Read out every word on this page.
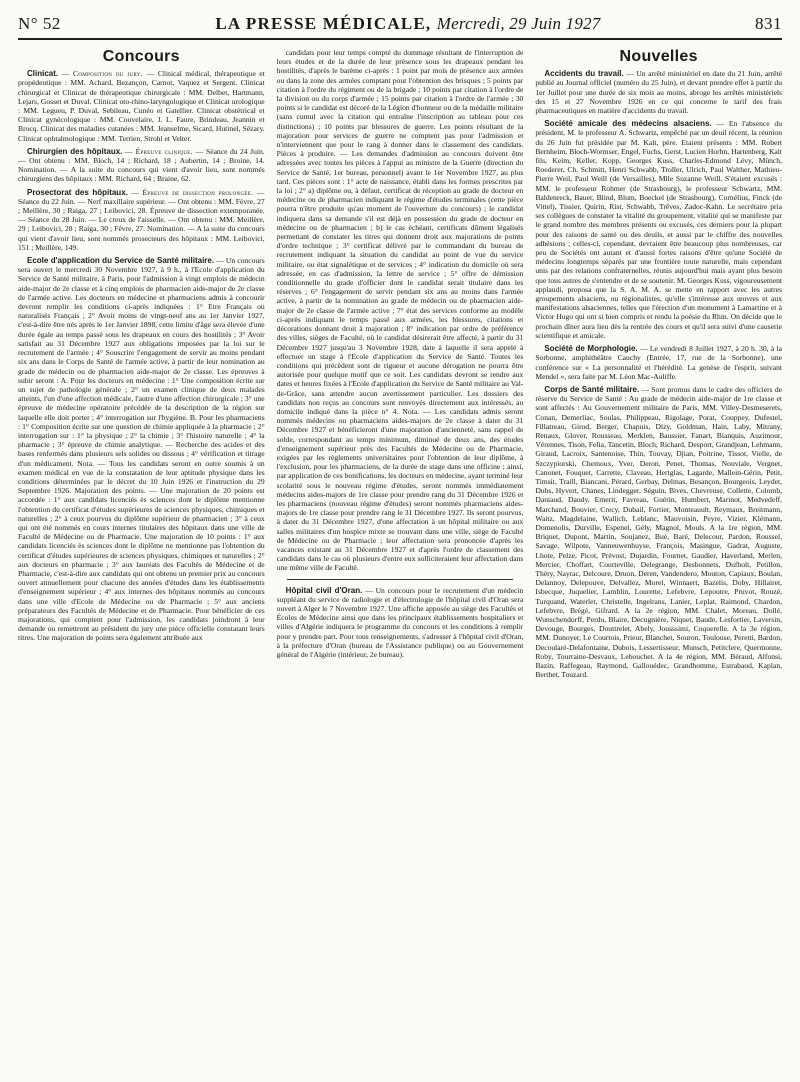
N° 52	LA PRESSE MÉDICALE, Mercredi, 29 Juin 1927	831
Concours

Clinicat. — Composition du jury. — Clinical médical, thérapeutique et propédeutique : MM. Achard, Bezançon, Carnot, Vaquez et Sergent. Clinicat chirurgical et Clinicat de thérapeutique chirurgicale : MM. Delbet, Hartmann, Lejars, Gosset et Duval. Clinicat oto-rhino-laryngologique et Clinicat urologique : MM. Legueu, P. Duval, Sebileau, Cunéo et Gatellier. Clinicat obstétrical et Clinicat gynécologique : MM. Couvelaire, J. L. Faure, Brindeau, Jeannin et Brocq. Clinicat des maladies cutanées : MM. Jeanselme, Sicard, Hutinel, Sézary. Clinicat ophtalmologique : MM. Terrien, Strohl et Velter.

Chirurgien des hôpitaux. — Épreuve clinique. — Séance du 24 Juin. — Ont obtenu : MM. Bloch, 14 ; Richard, 18 ; Aubertin, 14 ; Broine, 14. Nomination. — A la suite du concours qui vient d'avoir lieu, sont nommés chirurgiens des hôpitaux : MM. Richard, 64 ; Braine, 62.

Prosectorat des hôpitaux. — Épreuve de dissection prolongée. — Séance du 22 Juin. — Nerf maxillaire supérieur. — Ont obtenu : MM. Fèvre, 27 ; Meillère, 30 ; Raiga, 27 ; Leibovici, 28. Épreuve de dissection extemporanée. — Séance du 28 Juin. — Le creux de l'aisselle. — Ont obtenu : MM. Meillère, 29 ; Leibovici, 28 ; Raiga, 30 ; Fèvre, 27. Nomination. — A la suite du concours qui vient d'avoir lieu, sont nommés prosecteurs des hôpitaux : MM. Leibovici, 151 ; Meillère, 149.

Ecole d'application du Service de Santé militaire. — Un concours sera ouvert le mercredi 30 Novembre 1927, à 9 h., à l'Ecole d'application du Service de Santé militaire, à Paris, pour l'admission à vingt emplois de médecin aide-major de 2e classe et à cinq emplois de pharmacien aide-major de 2e classe de l'armée active. Les docteurs en médecine et pharmaciens admis à concourir devront remplir les conditions ci-après indiquées : 1° Etre Français ou naturalisés Français ; 2° Avoir moins de vingt-neuf ans au 1er Janvier 1927, c'est-à-dire être nés après le 1er Janvier 1898, cette limite d'âge sera élevée d'une durée égale au temps passé sous les drapeaux en cours des hostilités ; 3° Avoir satisfait au 31 Décembre 1927 aux obligations imposées par la loi sur le recrutement de l'armée ; 4° Souscrire l'engagement de servir au moins pendant six ans dans le Corps de Santé de l'armée active, à partir de leur nomination au grade de médecin ou de pharmacien aide-major de 2e classe. Les épreuves à subir seront : A. Pour les docteurs en médecine : 1° Une composition écrite sur un sujet de pathologie générale ; 2° un examen clinique de deux malades atteints, l'un d'une affection médicale, l'autre d'une affection chirurgicale ; 3° une épreuve de médecine opératoire précédée de la description de la région sur laquelle elle doit porter ; 4° interrogation sur l'hygiène. B. Pour les pharmaciens : 1° Composition écrite sur une question de chimie appliquée à la pharmacie ; 2° interrogation sur : 1° la physique ; 2° la chimie ; 3° l'histoire naturelle ; 4° la pharmacie ; 3° épreuve de chimie analytique. — Recherche des acides et des bases renfermés dans plusieurs sels solides ou dissous ; 4° vérification et titrage d'un médicament. Nota. — Tous les candidats seront en outre soumis à un examen médical en vue de la constatation de leur aptitude physique dans les conditions déterminées par le décret du 10 Juin 1926 et l'instruction du 29 Septembre 1926. Majoration des points. — Une majoration de 20 points est accordée : 1° aux candidats licenciés ès sciences dont le diplôme mentionne l'obtention du certificat d'études supérieures de sciences physiques, chimiques et naturelles ; 2° à ceux pourvus du diplôme supérieur de pharmacien ; 3° à ceux qui ont été nommés en cours internes titulaires des hôpitaux dans une ville de Faculté de Médecine ou de Pharmacie. Une majoration de 10 points : 1° aux candidats licenciés ès sciences dont le diplôme ne mentionne pas l'obtention du certificat d'études supérieures de sciences physiques, chimiques et naturelles ; 2° aux docteurs en pharmacie ; 3° aux lauréats des Facultés de Médecine et de Pharmacie, c'est-à-dire aux candidats qui ont obtenu un premier prix au concours ouvert annuellement pour chacune des années d'études dans les établissements d'enseignement supérieur ; 4° aux internes des hôpitaux nommés au concours dans une ville d'Ecole de Médecine ou de Pharmacie ; 5° aux anciens préparateurs des Facultés de Médecine et de Pharmacie. Pour bénéficier de ces majorations, qui comptent pour l'admission, les candidats joindront à leur demande ou remettront au président du jury une pièce officielle constatant leurs titres. Une majoration de points sera également attribuée aux

candidats pour leur temps compté du dommage résultant de l'interruption de leurs études et de la durée de leur présence sous les drapeaux pendant les hostilités, d'après le barème ci-après : 1 point par mois de présence aux armées ou dans la zone des armées comptant pour l'obtention des brisques ; 5 points par citation à l'ordre du régiment ou de la brigade ; 10 points par citation à l'ordre de la division ou du corps d'armée ; 15 points par citation à l'ordre de l'armée ; 30 points si le candidat est décoré de la Légion d'honneur ou de la médaille militaire (sans cumul avec la citation qui entraîne l'inscription au tableau pour ces distinctions) ; 10 points par blessures de guerre. Les points résultant de la majoration pour services de guerre ne comptent pas pour l'admission et n'interviennent que pour le rang à donner dans le classement des candidats. Pièces à produire. — Les demandes d'admission au concours doivent être adressées avec toutes les pièces à l'appui au ministre de la Guerre (direction du Service de Santé, 1er bureau, personnel) avant le 1er Novembre 1927, au plus tard. Ces pièces sont : 1° acte de naissance, établi dans les formes prescrites par la loi ; 2° a) diplôme ou, à défaut, certificat de réception au grade de docteur en médecine ou de pharmacien indiquant le régime d'études terminales (cette pièce pourra n'être produite qu'au moment de l'ouverture du concours) ; le candidat indiquera dans sa demande s'il est déjà en possession du grade de docteur en médecine ou de pharmacien ; b) le cas échéant, certificats dûment légalisés permettant de constater les titres qui donnent droit aux majorations de points d'ordre technique ; 3° certificat délivré par le commandant du bureau de recrutement indiquant la situation du candidat au point de vue du service militaire, ou état signalétique et de services ; 4° indication du domicile où sera adressée, en cas d'admission, la lettre de service ; 5° offre de démission conditionnelle du grade d'officier dont le candidat serait titulaire dans les réserves ; 6° l'engagement de servir pendant six ans au moins dans l'armée active, à partir de la nomination au grade de médecin ou de pharmacien aide-major de 2e classe de l'armée active ; 7° état des services conforme au modèle ci-après indiquant le temps passé aux armées, les blessures, citations et décorations donnant droit à majoration ; 8° indication par ordre de préférence des villes, sièges de Faculté, où le candidat désirerait être affecté, à partir du 31 Décembre 1927 jusqu'au 3 Novembre 1928, date à laquelle il sera appelé à effectuer un stage à l'Ecole d'application du Service de Santé. Toutes les conditions qui précèdent sont de rigueur et aucune dérogation ne pourra être autorisée pour quelque motif que ce soit. Les candidats devront se rendre aux dates et heures fixées à l'Ecole d'application du Service de Santé militaire au Val-de-Grâce, sans attendre aucun avertissement particulier. Les dossiers des candidats non reçus au concours sont renvoyés directement aux intéressés, au domicile indiqué dans la pièce n° 4. Nota. — Les candidats admis seront nommés médecins ou pharmaciens aides-majors de 2e classe à dater du 31 Décembre 1927 et bénéficieront d'une majoration d'ancienneté, sans rappel de solde, correspondant au temps minimum, diminué de deux ans, des études d'enseignement supérieur près des Facultés de Médecine ou de Pharmacie, exigées par les règlements universitaires pour l'obtention de leur diplôme, à l'exclusion, pour les pharmaciens, de la durée de stage dans une officine ; ainsi, par application de ces bonifications, les docteurs en médecine, ayant terminé leur scolarité sous le nouveau régime d'études, seront nommés immédiatement médecins aides-majors de 1re classe pour prendre rang du 31 Décembre 1926 et les pharmaciens (nouveau régime d'études) seront nommés pharmaciens aides-majors de 1re classe pour prendre rang le 31 Décembre 1927. Ils seront pourvus, à dater du 31 Décembre 1927, d'une affectation à un hôpital militaire ou aux salles militaires d'un hospice mixte se trouvant dans une ville, siège de Faculté de Médecine ou de Pharmacie ; leur affectation sera prononcée d'après les vacances existant au 31 Décembre 1927 et d'après l'ordre de classement des candidats dans le cas où plusieurs d'entre eux solliciteraient leur affectation dans une même ville de Faculté.

Hôpital civil d'Oran. — Un concours pour le recrutement d'un médecin suppléant du service de radiologie et d'électrologie de l'hôpital civil d'Oran sera ouvert à Alger le 7 Novembre 1927. Une affiche apposée au siège des Facultés et Écoles de Médecine ainsi que dans les principaux établissements hospitaliers et villes d'Algérie indiquera le programme du concours et les conditions à remplir pour y prendre part. Pour tous renseignements, s'adresser à l'hôpital civil d'Oran, à la préfecture d'Oran (bureau de l'Assistance publique) ou au Gouvernement général de l'Algérie (intérieur, 2e bureau).

Nouvelles

Accidents du travail. — Un arrêté ministériel en date du 21 Juin, arrêté publié au Journal officiel (numéro du 25 Juin), et devant prendre effet à partir du 1er Juillet pour une durée de six mois au moins, abroge les arrêtés ministériels des 15 et 27 Novembre 1926 en ce qui concerne le tarif des frais pharmaceutiques en matière d'accidents du travail.

Société amicale des médecins alsaciens. — En l'absence du président, M. le professeur A. Schwartz, empêché par un deuil récent, la réunion du 26 Juin fut présidée par M. Kalt, père. Etaient présents : MM. Robert Bernheim, Bloch-Wormser, Engel, Fuchs, Gerst, Lucien Horhn, Hartenberg, Kalt fils, Keim, Keller, Kopp, Georges Kuss, Charles-Edmond Lévy, Münch, Roederer, Ch. Schmitt, Henri Schwabb, Troller, Ulrich, Paul Walther, Mathieu-Pierre Weil, Paul Weill (de Versailles), Mlle Suzanne Weill. S'étaient excusés : MM. le professeur Rohmer (de Strasbourg), le professeur Schwartz, MM. Baldenreck, Bauer, Blind, Blum, Boeckel (de Strasbourg), Cornélius, Finck (de Vittel), Tissier, Quirin, Rist, Schwabb, Trêves, Zadoc-Kahn. Le secrétaire pria ses collègues de constater la vitalité du groupement, vitalité qui se manifeste par le grand nombre des membres présents ou excusés, ces derniers pour la plupart pour des raisons de santé ou des deuils, et aussi par le chiffre des nouvelles adhésions ; celles-ci, cependant, devraient être beaucoup plus nombreuses, car peu de Sociétés ont autant et d'aussi fortes raisons d'être qu'une Société de médecins longtemps séparés par une frontière toute naturelle, mais cependant unis par des relations confraternelles, réunis aujourd'hui mais ayant plus besoin que tous autres de s'entendre et de se soutenir. M. Georges Kuss, vigoureusement applaudi, proposa que la S. A. M. A. se mette en rapport avec les autres groupements alsaciens, ou régionalistes, qu'elle s'intéresse aux œuvres et aux manifestations alsaciennes, telles que l'érection d'un monument à Lamartine et à Victor Hugo qui ont si bien compris et rendu la poésie du Rhin. On décide que le prochain dîner aura lieu dès la rentrée des cours et qu'il sera suivi d'une causerie scientifique et amicale.

Société de Morphologie. — Le vendredi 8 Juillet 1927, à 20 h. 30, à la Sorbonne, amphithéâtre Cauchy (Entrée, 17, rue de la Sorbonne), une conférence sur « La personnalité et l'hérédité. La genèse de l'esprit, suivant Mendel », sera faite par M. Léon Mac-Auliffe.

Corps de Santé militaire. — Sont promus dans le cadre des officiers de réserve du Service de Santé : Au grade de médecin aide-major de 1re classe et sont affectés : Au Gouvernement militaire de Paris, MM. Villey-Desmeserets, Conan, Demerliac, Soulas, Philippeau, Rigolage, Porat, Couppey, Dufestel, Fillatreau, Girod, Berger, Chapuis, Dizy, Goldman, Hain, Laby, Mitrany, Renaux, Glover, Rousseau, Merklen, Baussier, Fanart, Bianquis, Auzimour, Vérennes, Tison, Felia, Tancetin, Bloch, Richard, Desport, Grandjean, Lehmann, Giraud, Lacroix, Santenoise, Thin, Touvay, Djian, Poitrine, Tissot, Vielle, de Szczypiorski, Chemoux, Yver, Deron, Penet, Thomas, Nouviale, Vergnet, Canonet, Fouquet, Carrette, Claveau, Hertglas, Lagarde, Mallein-Gérin, Petit, Timsit, Traill, Biancani, Pérard, Gerbay, Delmas, Besançon, Bourgeois, Leydet, Dubs, Hyvert, Chanes, Lindegger, Séguin, Bives, Chevreuse, Collette, Colomb, Daniaud, Daudy, Emerit, Favreau, Guérin, Humbert, Marinot, Medvedeff, Marchand, Bouvier, Crecy, Dubail, Fortier, Monteauult, Reymaux, Breitmann, Waitz, Magdelaine, Wallich, Leblanc, Mauvoisin, Peyre, Vizier, Klémann, Domenolis, Durville, Espenel, Gély, Magnol, Mouls. A la 1re région, MM. Briquet, Dupont, Martin, Soujanez, Bué, Baré, Delecour, Pardon, Roussel, Savage, Wilpote, Vanneuwenhuyse, François, Masingue, Gadrat, Auguste, Lhote, Pelze, Picot, Prévost, Dujardin, Fournet, Gaudier, Haverland, Merlen, Mercier, Choffart, Courteville, Delegrange, Desbonnets, Dufholt, Petillon, Théry, Nayrac, Delcoure, Druon, Deren, Vandendero, Mouton, Capiaux, Boulan, Delannoy, Delepouve, Delvallez, Morel, Winnaert, Bazelis, Doby, Hillairet, Isbecque, Juquelier, Lamblin, Lourette, Lefebvre, Lepoutre, Pruvot, Rouzé, Turquand, Waterlet, Christelle, Ingelrans, Lanier, Leplat, Raimond, Chardon, Lefebvre, Brégé, Gifrard. A la 2e région, MM. Chalet, Moreau, Dollé, Wunschendorff, Perdu, Blaire, Decugnière, Niquet, Baude, Lesfortier, Laversin, Devouge, Bourges, Douttrelet, Abely, Jousssimi, Coquerelle. A la 3e région, MM. Dunoyer, Le Courtois, Prieur, Blanchet, Souron, Toulouse, Peretti, Bardon, Decoularé-Delafontaine, Dubois, Lessertisseur, Munsch, Petitclere, Quermonne, Roby, Tourraine-Desvaux, Lebouchet. A la 4e région, MM. Béraud, Alfonsi, Bazin, Raffegeau, Raymond, Gallouédec, Grandhomme, Estrabaud, Kaplan, Berthet, Touzard.
